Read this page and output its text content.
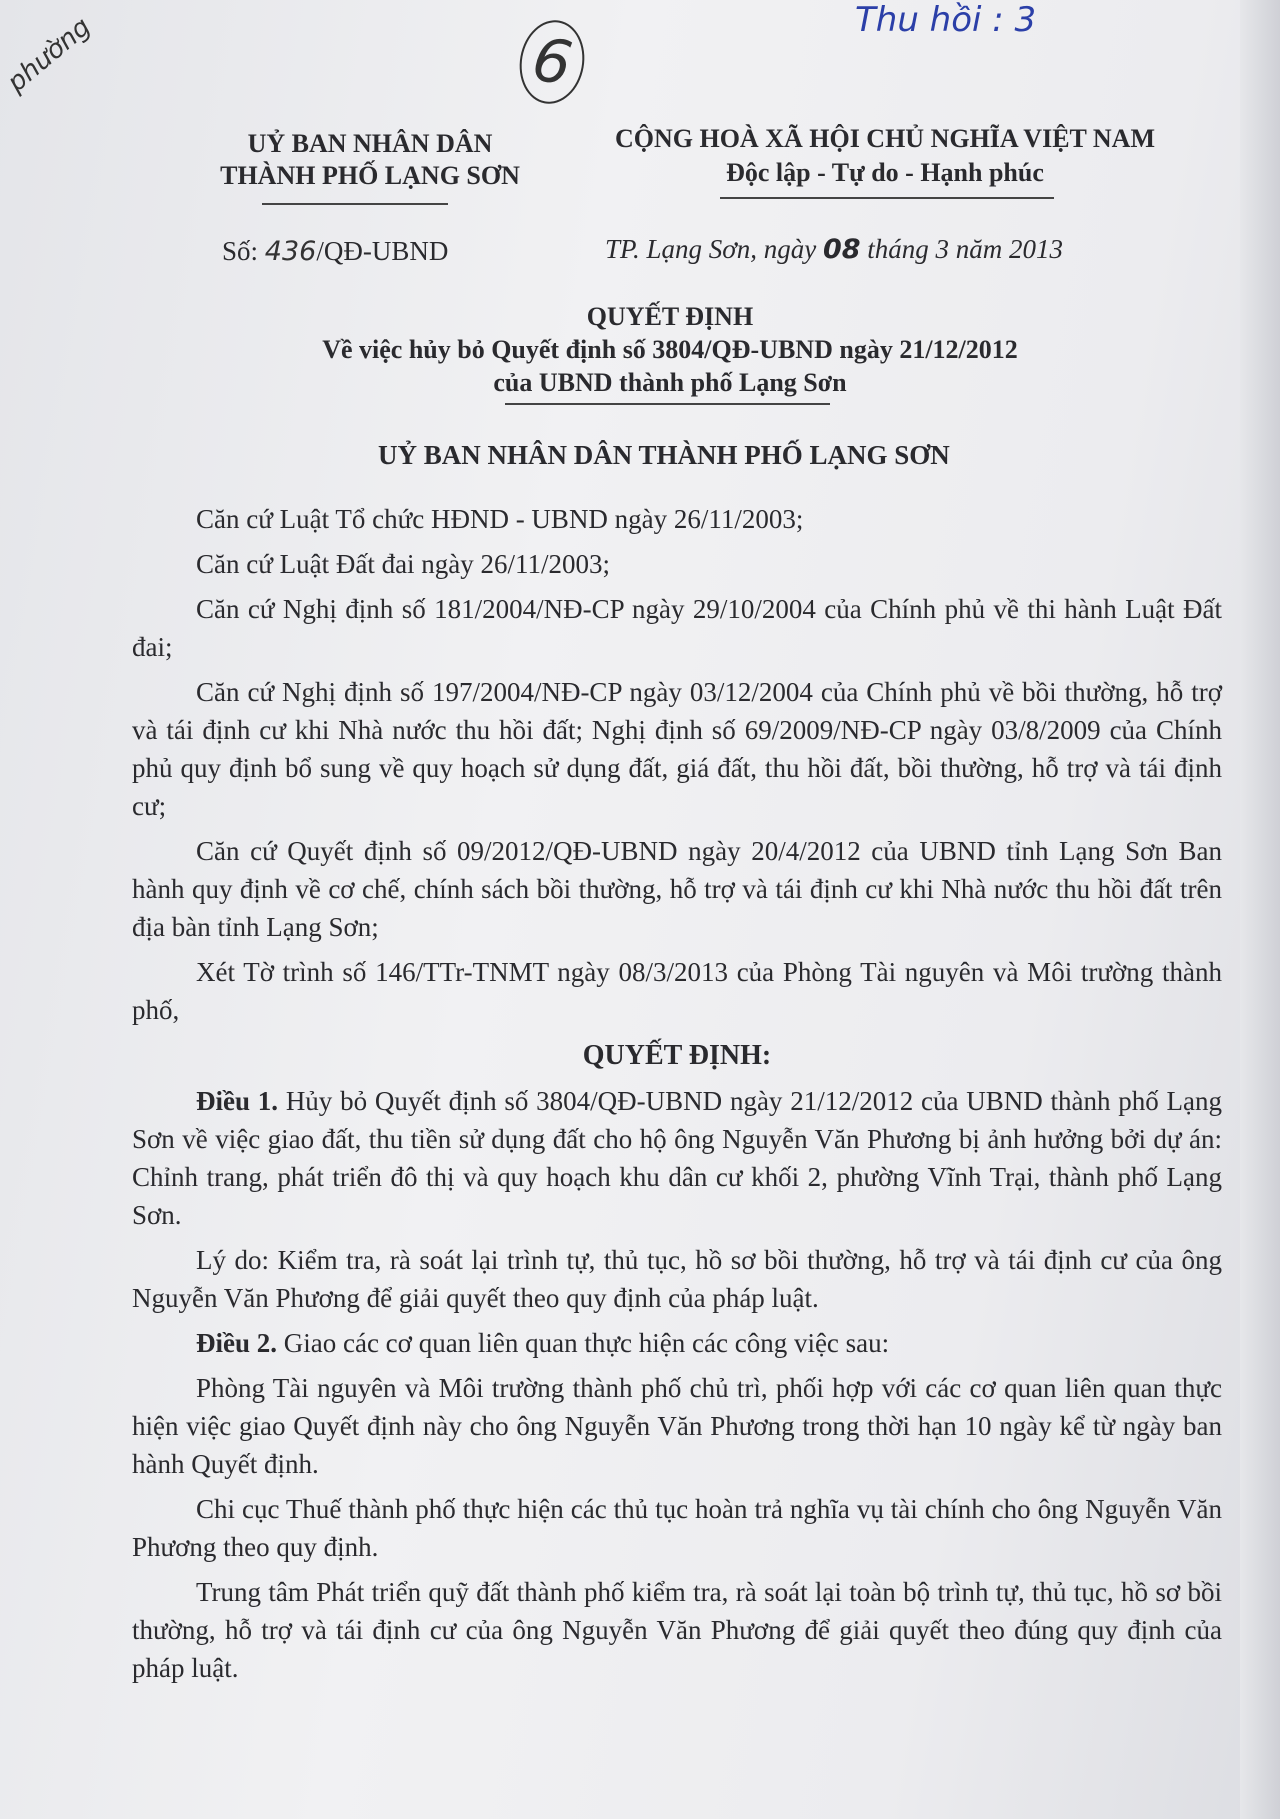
phường	6
Thu hồi : 3
UỶ BAN NHÂN DÂN
THÀNH PHỐ LẠNG SƠN
CỘNG HOÀ XÃ HỘI CHỦ NGHĨA VIỆT NAM
Độc lập - Tự do - Hạnh phúc
Số: 436/QĐ-UBND	TP. Lạng Sơn, ngày 08 tháng 3 năm 2013
QUYẾT ĐỊNH
Về việc hủy bỏ Quyết định số 3804/QĐ-UBND ngày 21/12/2012
của UBND thành phố Lạng Sơn
UỶ BAN NHÂN DÂN THÀNH PHỐ LẠNG SƠN
Căn cứ Luật Tổ chức HĐND - UBND ngày 26/11/2003;
Căn cứ Luật Đất đai ngày 26/11/2003;
Căn cứ Nghị định số 181/2004/NĐ-CP ngày 29/10/2004 của Chính phủ về thi hành Luật Đất đai;
Căn cứ Nghị định số 197/2004/NĐ-CP ngày 03/12/2004 của Chính phủ về bồi thường, hỗ trợ và tái định cư khi Nhà nước thu hồi đất; Nghị định số 69/2009/NĐ-CP ngày 03/8/2009 của Chính phủ quy định bổ sung về quy hoạch sử dụng đất, giá đất, thu hồi đất, bồi thường, hỗ trợ và tái định cư;
Căn cứ Quyết định số 09/2012/QĐ-UBND ngày 20/4/2012 của UBND tỉnh Lạng Sơn Ban hành quy định về cơ chế, chính sách bồi thường, hỗ trợ và tái định cư khi Nhà nước thu hồi đất trên địa bàn tỉnh Lạng Sơn;
Xét Tờ trình số 146/TTr-TNMT ngày 08/3/2013 của Phòng Tài nguyên và Môi trường thành phố,
QUYẾT ĐỊNH:
Điều 1. Hủy bỏ Quyết định số 3804/QĐ-UBND ngày 21/12/2012 của UBND thành phố Lạng Sơn về việc giao đất, thu tiền sử dụng đất cho hộ ông Nguyễn Văn Phương bị ảnh hưởng bởi dự án: Chỉnh trang, phát triển đô thị và quy hoạch khu dân cư khối 2, phường Vĩnh Trại, thành phố Lạng Sơn.
Lý do: Kiểm tra, rà soát lại trình tự, thủ tục, hồ sơ bồi thường, hỗ trợ và tái định cư của ông Nguyễn Văn Phương để giải quyết theo quy định của pháp luật.
Điều 2. Giao các cơ quan liên quan thực hiện các công việc sau:
Phòng Tài nguyên và Môi trường thành phố chủ trì, phối hợp với các cơ quan liên quan thực hiện việc giao Quyết định này cho ông Nguyễn Văn Phương trong thời hạn 10 ngày kể từ ngày ban hành Quyết định.
Chi cục Thuế thành phố thực hiện các thủ tục hoàn trả nghĩa vụ tài chính cho ông Nguyễn Văn Phương theo quy định.
Trung tâm Phát triển quỹ đất thành phố kiểm tra, rà soát lại toàn bộ trình tự, thủ tục, hồ sơ bồi thường, hỗ trợ và tái định cư của ông Nguyễn Văn Phương để giải quyết theo đúng quy định của pháp luật.
